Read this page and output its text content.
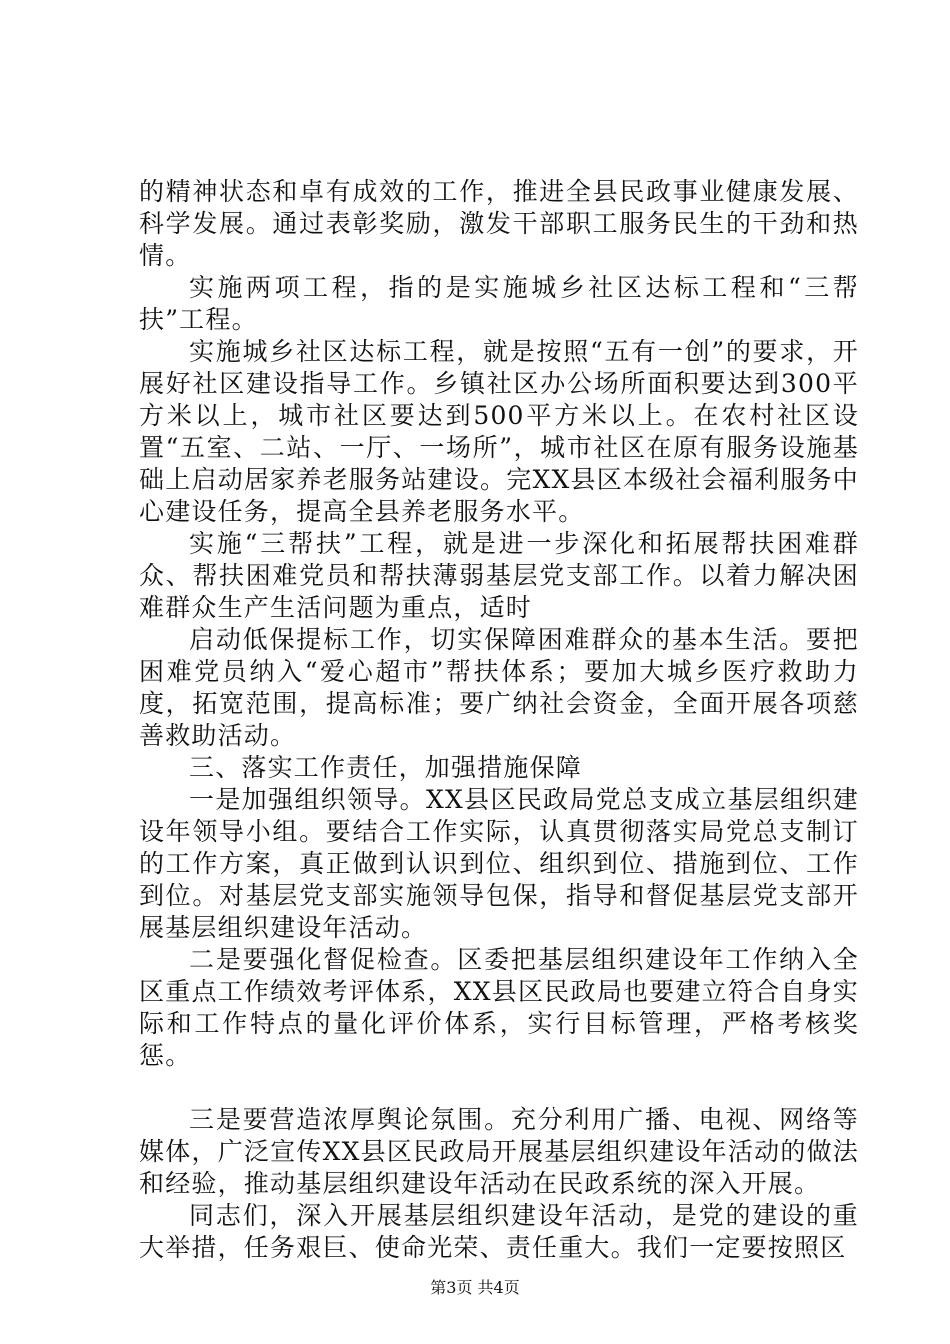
的精神状态和卓有成效的工作，推进全县民政事业健康发展、科学发展。通过表彰奖励，激发干部职工服务民生的干劲和热情。

实施两项工程，指的是实施城乡社区达标工程和“三帮扶”工程。

实施城乡社区达标工程，就是按照“五有一创”的要求，开展好社区建设指导工作。乡镇社区办公场所面积要达到300平方米以上，城市社区要达到500平方米以上。在农村社区设置“五室、二站、一厅、一场所”，城市社区在原有服务设施基础上启动居家养老服务站建设。完XX县区本级社会福利服务中心建设任务，提高全县养老服务水平。

实施“三帮扶”工程，就是进一步深化和拓展帮扶困难群众、帮扶困难党员和帮扶薄弱基层党支部工作。以着力解决困难群众生产生活问题为重点，适时

启动低保提标工作，切实保障困难群众的基本生活。要把困难党员纳入“爱心超市”帮扶体系；要加大城乡医疗救助力度，拓宽范围，提高标准；要广纳社会资金，全面开展各项慈善救助活动。

三、落实工作责任，加强措施保障

一是加强组织领导。XX县区民政局党总支成立基层组织建设年领导小组。要结合工作实际，认真贯彻落实局党总支制订的工作方案，真正做到认识到位、组织到位、措施到位、工作到位。对基层党支部实施领导包保，指导和督促基层党支部开展基层组织建设年活动。

二是要强化督促检查。区委把基层组织建设年工作纳入全区重点工作绩效考评体系，XX县区民政局也要建立符合自身实际和工作特点的量化评价体系，实行目标管理，严格考核奖惩。

三是要营造浓厚舆论氛围。充分利用广播、电视、网络等媒体，广泛宣传XX县区民政局开展基层组织建设年活动的做法和经验，推动基层组织建设年活动在民政系统的深入开展。

同志们，深入开展基层组织建设年活动，是党的建设的重大举措，任务艰巨、使命光荣、责任重大。我们一定要按照区

第3页 共4页
